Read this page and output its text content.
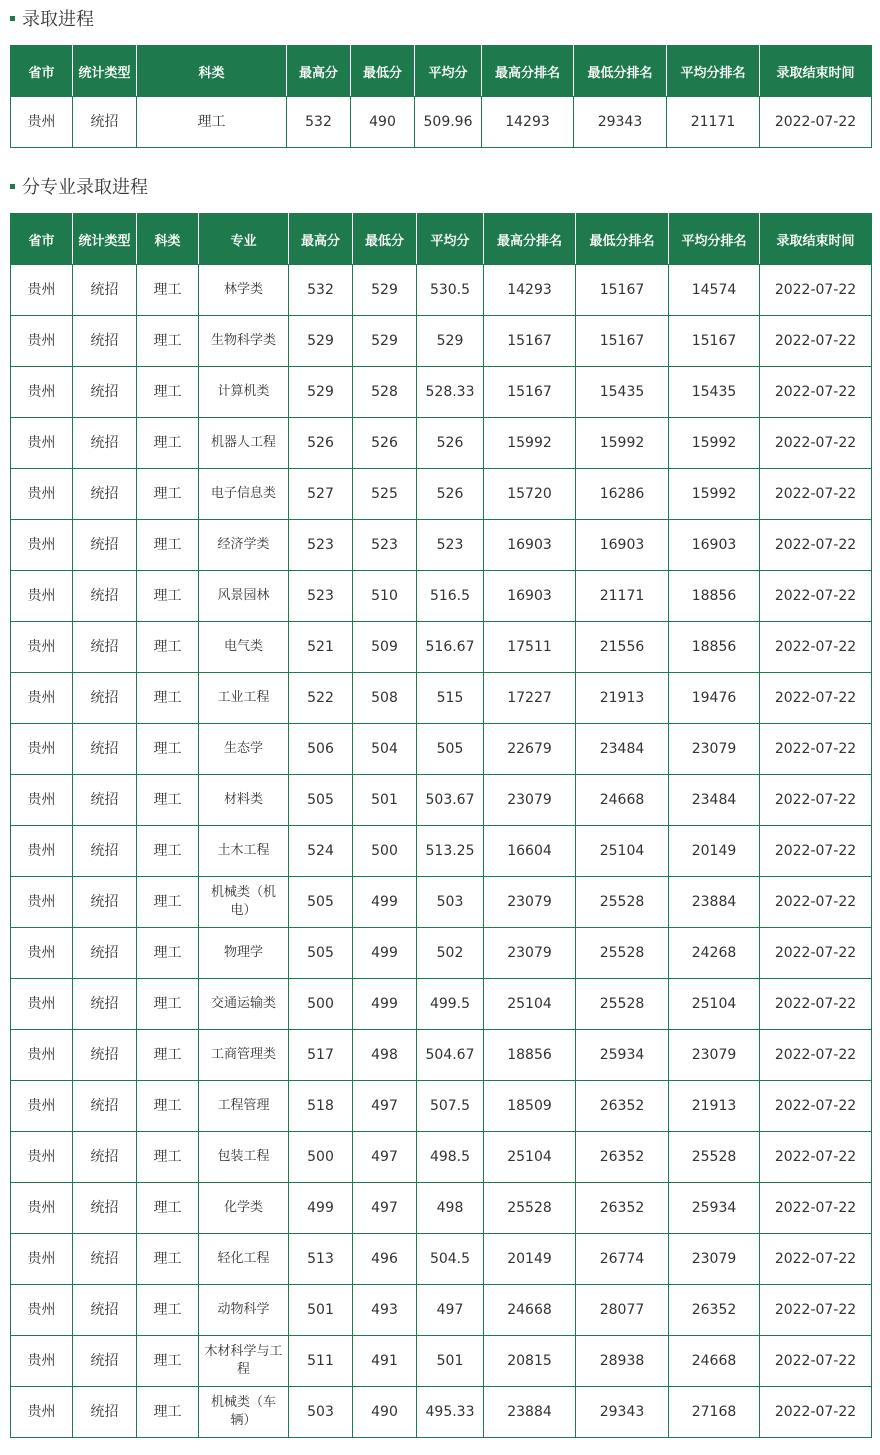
录取进程
省市	统计类型	科类	最高分	最低分	平均分	最高分排名	最低分排名	平均分排名	录取结束时间
贵州	统招	理工	532	490	509.96	14293	29343	21171	2022-07-22
分专业录取进程
省市	统计类型	科类	专业	最高分	最低分	平均分	最高分排名	最低分排名	平均分排名	录取结束时间
贵州	统招	理工	林学类	532	529	530.5	14293	15167	14574	2022-07-22
贵州	统招	理工	生物科学类	529	529	529	15167	15167	15167	2022-07-22
贵州	统招	理工	计算机类	529	528	528.33	15167	15435	15435	2022-07-22
贵州	统招	理工	机器人工程	526	526	526	15992	15992	15992	2022-07-22
贵州	统招	理工	电子信息类	527	525	526	15720	16286	15992	2022-07-22
贵州	统招	理工	经济学类	523	523	523	16903	16903	16903	2022-07-22
贵州	统招	理工	风景园林	523	510	516.5	16903	21171	18856	2022-07-22
贵州	统招	理工	电气类	521	509	516.67	17511	21556	18856	2022-07-22
贵州	统招	理工	工业工程	522	508	515	17227	21913	19476	2022-07-22
贵州	统招	理工	生态学	506	504	505	22679	23484	23079	2022-07-22
贵州	统招	理工	材料类	505	501	503.67	23079	24668	23484	2022-07-22
贵州	统招	理工	土木工程	524	500	513.25	16604	25104	20149	2022-07-22
贵州	统招	理工	机械类（机电）	505	499	503	23079	25528	23884	2022-07-22
贵州	统招	理工	物理学	505	499	502	23079	25528	24268	2022-07-22
贵州	统招	理工	交通运输类	500	499	499.5	25104	25528	25104	2022-07-22
贵州	统招	理工	工商管理类	517	498	504.67	18856	25934	23079	2022-07-22
贵州	统招	理工	工程管理	518	497	507.5	18509	26352	21913	2022-07-22
贵州	统招	理工	包装工程	500	497	498.5	25104	26352	25528	2022-07-22
贵州	统招	理工	化学类	499	497	498	25528	26352	25934	2022-07-22
贵州	统招	理工	轻化工程	513	496	504.5	20149	26774	23079	2022-07-22
贵州	统招	理工	动物科学	501	493	497	24668	28077	26352	2022-07-22
贵州	统招	理工	木材科学与工程	511	491	501	20815	28938	24668	2022-07-22
贵州	统招	理工	机械类（车辆）	503	490	495.33	23884	29343	27168	2022-07-22
